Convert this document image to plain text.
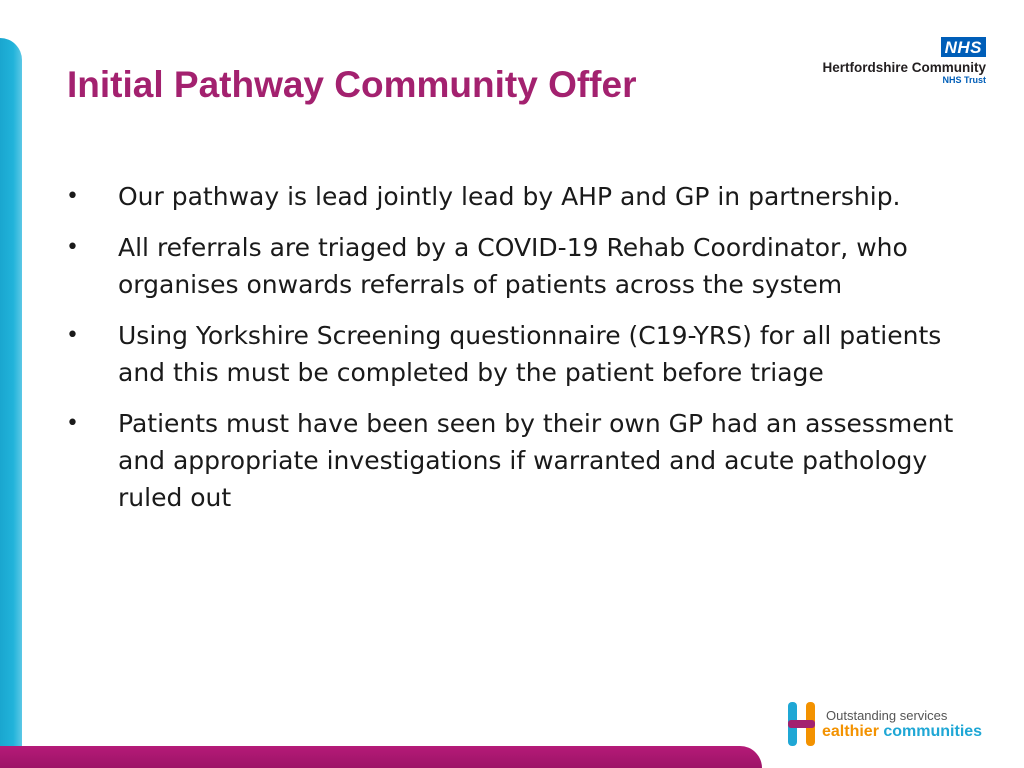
Initial Pathway Community Offer
NHS
Hertfordshire Community
NHS Trust
• Our pathway is lead jointly lead by AHP and GP in partnership.
• All referrals are triaged by a COVID-19 Rehab Coordinator, who organises onwards referrals of patients across the system
• Using Yorkshire Screening questionnaire (C19-YRS) for all patients and this must be completed by the patient before triage
• Patients must have been seen by their own GP had an assessment and appropriate investigations if warranted and acute pathology ruled out
Outstanding services
ealthier communities
